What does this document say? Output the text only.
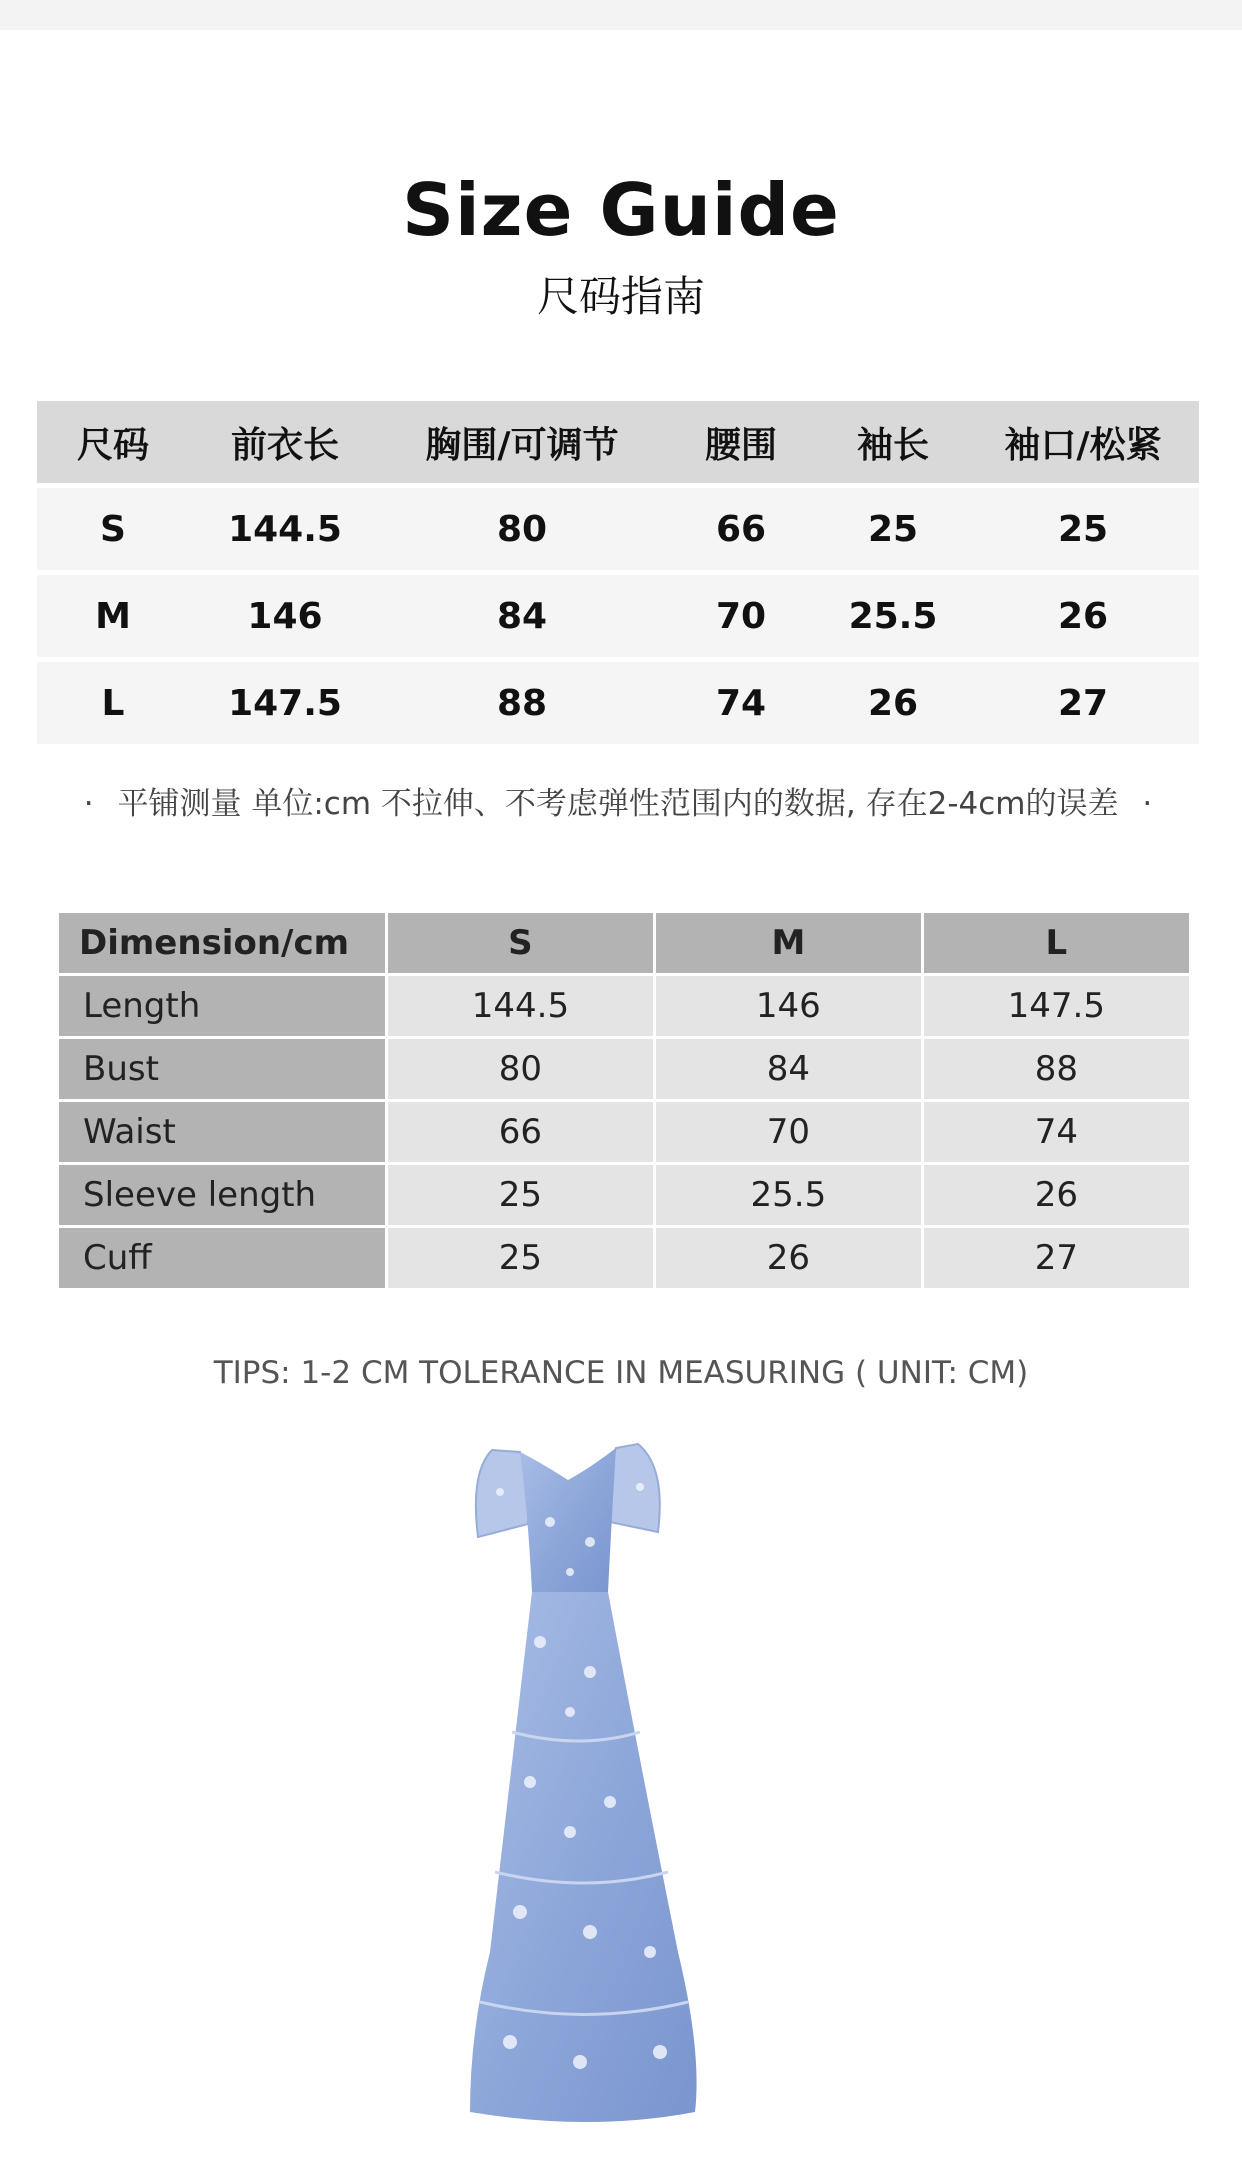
Size Guide
尺码指南
尺码	前衣长	胸围/可调节	腰围	袖长	袖口/松紧
S	144.5	80	66	25	25
M	146	84	70	25.5	26
L	147.5	88	74	26	27
· 平铺测量 单位:cm 不拉伸、不考虑弹性范围内的数据, 存在2-4cm的误差 ·
Dimension/cm	S	M	L
Length	144.5	146	147.5
Bust	80	84	88
Waist	66	70	74
Sleeve length	25	25.5	26
Cuff	25	26	27
TIPS: 1-2 CM TOLERANCE IN MEASURING ( UNIT: CM)
